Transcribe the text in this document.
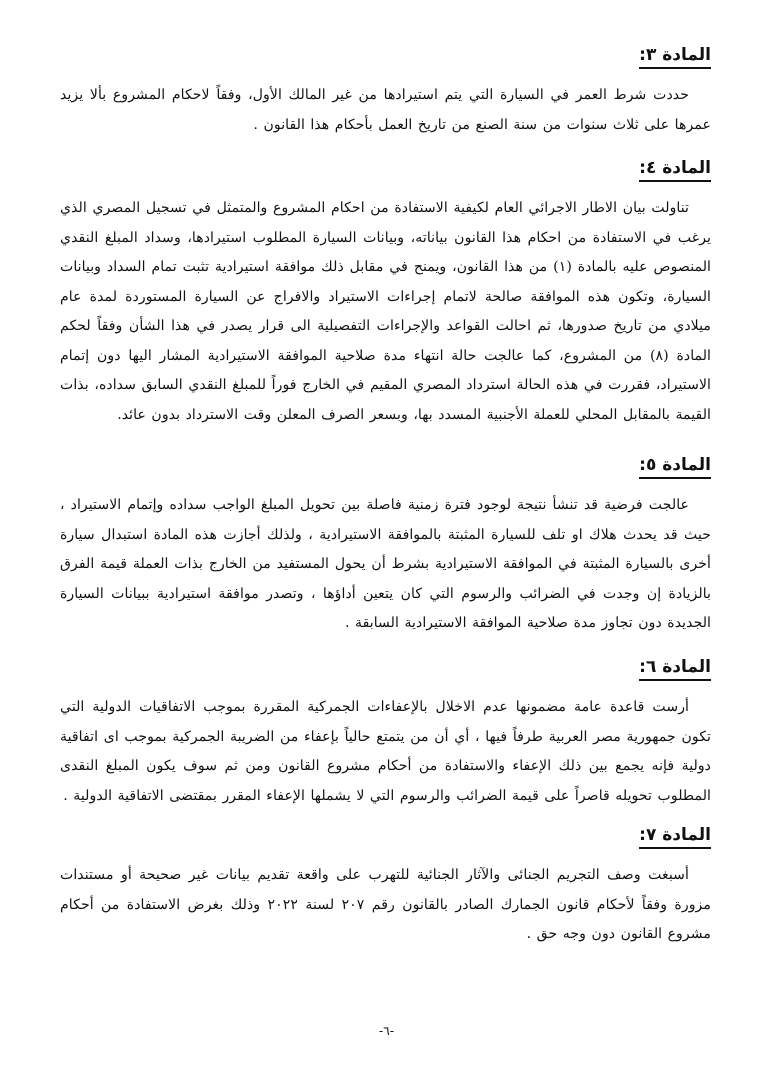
المادة ٣:

حددت شرط العمر في السيارة التي يتم استيرادها من غير المالك الأول، وفقاً لاحكام المشروع بألا يزيد عمرها على ثلاث سنوات من سنة الصنع من تاريخ العمل بأحكام هذا القانون .

المادة ٤:

تناولت بيان الاطار الاجرائي العام لكيفية الاستفادة من احكام المشروع والمتمثل في تسجيل المصري الذي يرغب في الاستفادة من احكام هذا القانون بياناته، وبيانات السيارة المطلوب استيرادها، وسداد المبلغ النقدي المنصوص عليه بالمادة (١) من هذا القانون، ويمنح في مقابل ذلك موافقة استيرادية تثبت تمام السداد وبيانات السيارة، وتكون هذه الموافقة صالحة لاتمام إجراءات الاستيراد والافراج عن السيارة المستوردة لمدة عام ميلادي من تاريخ صدورها، ثم احالت القواعد والإجراءات التفصيلية الى قرار يصدر في هذا الشأن وفقاً لحكم المادة (٨) من المشروع، كما عالجت حالة انتهاء مدة صلاحية الموافقة الاستيرادية المشار اليها دون إتمام الاستيراد، فقررت في هذه الحالة استرداد المصري المقيم في الخارج فوراً للمبلغ النقدي السابق سداده، بذات القيمة بالمقابل المحلي للعملة الأجنبية المسدد بها، وبسعر الصرف المعلن وقت الاسترداد بدون عائد.

المادة ٥:

عالجت فرضية قد تنشأ نتيجة لوجود فترة زمنية فاصلة بين تحويل المبلغ الواجب سداده وإتمام الاستيراد ، حيث قد يحدث هلاك او تلف للسيارة المثبتة بالموافقة الاستيرادية ، ولذلك أجازت هذه المادة استبدال سيارة أخرى بالسيارة المثبتة في الموافقة الاستيرادية بشرط أن يحول المستفيد من الخارج بذات العملة قيمة الفرق بالزيادة إن وجدت في الضرائب والرسوم التي كان يتعين أداؤها ، وتصدر موافقة استيرادية ببيانات السيارة الجديدة دون تجاوز مدة صلاحية الموافقة الاستيرادية السابقة .

المادة ٦:

أرست قاعدة عامة مضمونها عدم الاخلال بالإعفاءات الجمركية المقررة بموجب الاتفاقيات الدولية التي تكون جمهورية مصر العربية طرفاً فيها ، أي أن من يتمتع حالياً بإعفاء من الضريبة الجمركية بموجب اى اتفاقية دولية فإنه يجمع بين ذلك الإعفاء والاستفادة من أحكام مشروع القانون ومن ثم سوف يكون المبلغ النقدى المطلوب تحويله قاصراً على قيمة الضرائب والرسوم التي لا يشملها الإعفاء المقرر بمقتضى الاتفاقية الدولية .

المادة ٧:

أسبغت وصف التجريم الجنائى والآثار الجنائية للتهرب على واقعة تقديم بيانات غير صحيحة أو مستندات مزورة وفقاً لأحكام قانون الجمارك الصادر بالقانون رقم ٢٠٧ لسنة ٢٠٢٢ وذلك بغرض الاستفادة من أحكام مشروع القانون دون وجه حق .

-٦-
